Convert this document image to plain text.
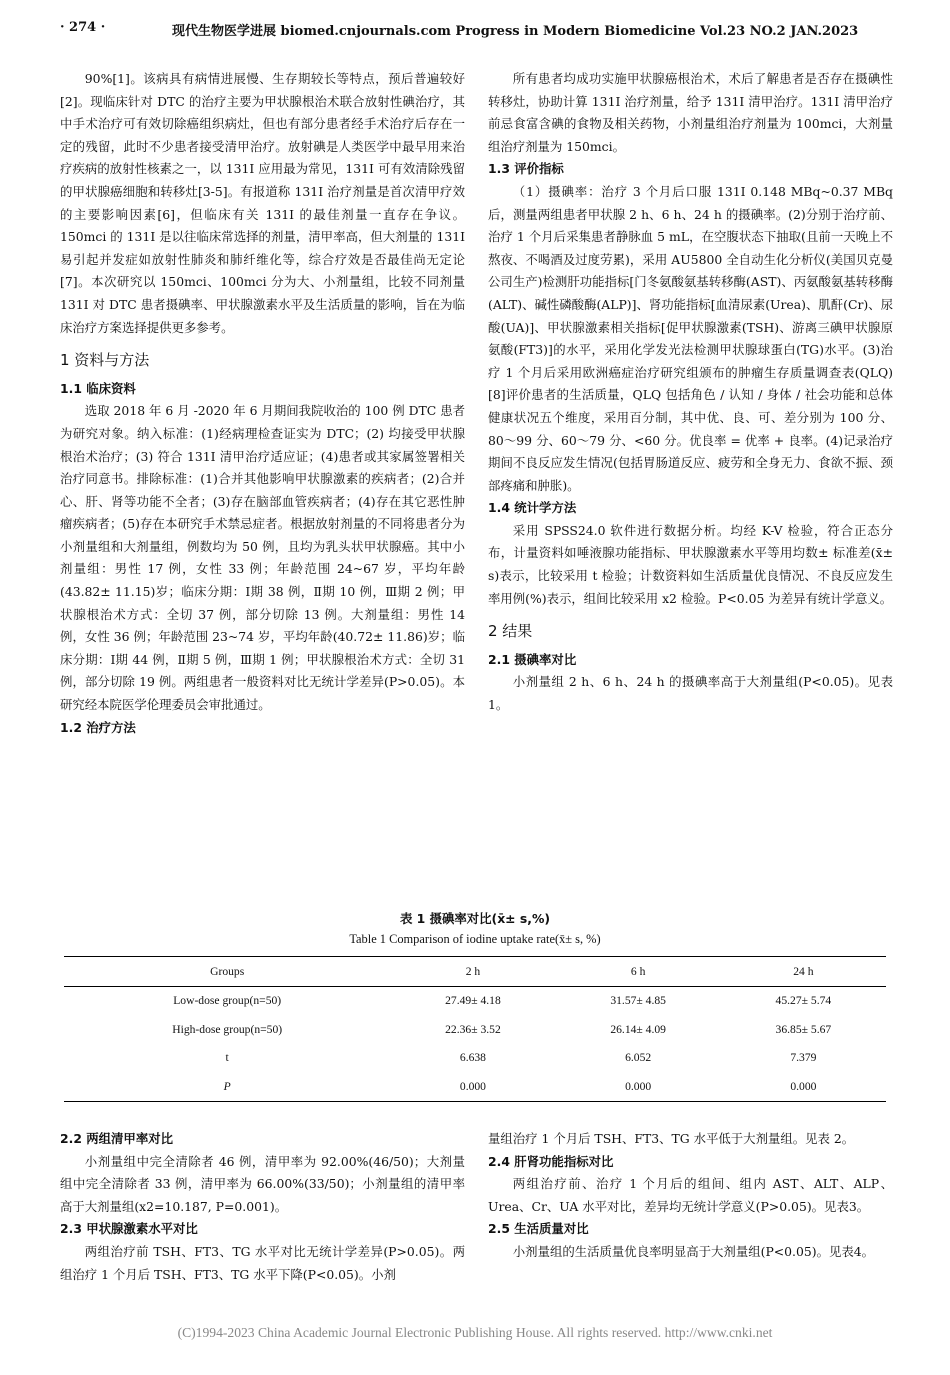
· 274 ·	现代生物医学进展 biomed.cnjournals.com Progress in Modern Biomedicine Vol.23 NO.2 JAN.2023

90%[1]。该病具有病情进展慢、生存期较长等特点，预后普遍较好[2]。现临床针对 DTC 的治疗主要为甲状腺根治术联合放射性碘治疗，其中手术治疗可有效切除癌组织病灶，但也有部分患者经手术治疗后存在一定的残留，此时不少患者接受清甲治疗。放射碘是人类医学中最早用来治疗疾病的放射性核素之一，以 131I 应用最为常见，131I 可有效清除残留的甲状腺癌细胞和转移灶[3-5]。有报道称 131I 治疗剂量是首次清甲疗效的主要影响因素[6]，但临床有关 131I 的最佳剂量一直存在争议。150mci 的 131I 是以往临床常选择的剂量，清甲率高，但大剂量的 131I 易引起并发症如放射性肺炎和肺纤维化等，综合疗效是否最佳尚无定论[7]。本次研究以 150mci、100mci 分为大、小剂量组，比较不同剂量 131I 对 DTC 患者摄碘率、甲状腺激素水平及生活质量的影响，旨在为临床治疗方案选择提供更多参考。

1 资料与方法

1.1 临床资料

选取 2018 年 6 月 -2020 年 6 月期间我院收治的 100 例 DTC 患者为研究对象。纳入标准：(1)经病理检查证实为 DTC；(2) 均接受甲状腺根治术治疗；(3) 符合 131I 清甲治疗适应证；(4)患者或其家属签署相关治疗同意书。排除标准：(1)合并其他影响甲状腺激素的疾病者；(2)合并心、肝、肾等功能不全者；(3)存在脑部血管疾病者；(4)存在其它恶性肿瘤疾病者；(5)存在本研究手术禁忌症者。根据放射剂量的不同将患者分为小剂量组和大剂量组，例数均为 50 例，且均为乳头状甲状腺癌。其中小剂量组：男性 17 例，女性 33 例；年龄范围 24~67 岁，平均年龄(43.82± 11.15)岁；临床分期：Ⅰ期 38 例，Ⅱ期 10 例，Ⅲ期 2 例；甲状腺根治术方式：全切 37 例，部分切除 13 例。大剂量组：男性 14 例，女性 36 例；年龄范围 23~74 岁，平均年龄(40.72± 11.86)岁；临床分期：Ⅰ期 44 例，Ⅱ期 5 例，Ⅲ期 1 例；甲状腺根治术方式：全切 31 例，部分切除 19 例。两组患者一般资料对比无统计学差异(P>0.05)。本研究经本院医学伦理委员会审批通过。

1.2 治疗方法

所有患者均成功实施甲状腺癌根治术，术后了解患者是否存在摄碘性转移灶，协助计算 131I 治疗剂量，给予 131I 清甲治疗。131I 清甲治疗前忌食富含碘的食物及相关药物，小剂量组治疗剂量为 100mci，大剂量组治疗剂量为 150mci。

1.3 评价指标

（1）摄碘率：治疗 3 个月后口服 131I 0.148 MBq~0.37 MBq 后，测量两组患者甲状腺 2 h、6 h、24 h 的摄碘率。(2)分别于治疗前、治疗 1 个月后采集患者静脉血 5 mL，在空腹状态下抽取(且前一天晚上不熬夜、不喝酒及过度劳累)，采用 AU5800 全自动生化分析仪(美国贝克曼公司生产)检测肝功能指标[门冬氨酸氨基转移酶(AST)、丙氨酸氨基转移酶(ALT)、碱性磷酸酶(ALP)]、肾功能指标[血清尿素(Urea)、肌酐(Cr)、尿酸(UA)]、甲状腺激素相关指标[促甲状腺激素(TSH)、游离三碘甲状腺原氨酸(FT3)]的水平，采用化学发光法检测甲状腺球蛋白(TG)水平。(3)治疗 1 个月后采用欧洲癌症治疗研究组颁布的肿瘤生存质量调查表(QLQ)[8]评价患者的生活质量，QLQ 包括角色 / 认知 / 身体 / 社会功能和总体健康状况五个维度，采用百分制，其中优、良、可、差分别为 100 分、80～99 分、60～79 分、<60 分。优良率 = 优率 + 良率。(4)记录治疗期间不良反应发生情况(包括胃肠道反应、疲劳和全身无力、食欲不振、颈部疼痛和肿胀)。

1.4 统计学方法

采用 SPSS24.0 软件进行数据分析。均经 K-V 检验，符合正态分布，计量资料如唾液腺功能指标、甲状腺激素水平等用均数± 标准差(x̄± s)表示，比较采用 t 检验；计数资料如生活质量优良情况、不良反应发生率用例(%)表示，组间比较采用 x2 检验。P<0.05 为差异有统计学意义。

2 结果

2.1 摄碘率对比

小剂量组 2 h、6 h、24 h 的摄碘率高于大剂量组(P<0.05)。见表 1。

表 1 摄碘率对比(x̄± s,%)
Table 1 Comparison of iodine uptake rate(x̄± s, %)
Groups	2 h	6 h	24 h
Low-dose group(n=50)	27.49± 4.18	31.57± 4.85	45.27± 5.74
High-dose group(n=50)	22.36± 3.52	26.14± 4.09	36.85± 5.67
t	6.638	6.052	7.379
P	0.000	0.000	0.000

2.2 两组清甲率对比

小剂量组中完全清除者 46 例，清甲率为 92.00%(46/50)；大剂量组中完全清除者 33 例，清甲率为 66.00%(33/50)；小剂量组的清甲率高于大剂量组(x2=10.187, P=0.001)。

2.3 甲状腺激素水平对比

两组治疗前 TSH、FT3、TG 水平对比无统计学差异(P>0.05)。两组治疗 1 个月后 TSH、FT3、TG 水平下降(P<0.05)。小剂

量组治疗 1 个月后 TSH、FT3、TG 水平低于大剂量组。见表 2。

2.4 肝肾功能指标对比

两组治疗前、治疗 1 个月后的组间、组内 AST、ALT、ALP、Urea、Cr、UA 水平对比，差异均无统计学意义(P>0.05)。见表3。

2.5 生活质量对比

小剂量组的生活质量优良率明显高于大剂量组(P<0.05)。见表4。

(C)1994-2023 China Academic Journal Electronic Publishing House. All rights reserved. http://www.cnki.net
